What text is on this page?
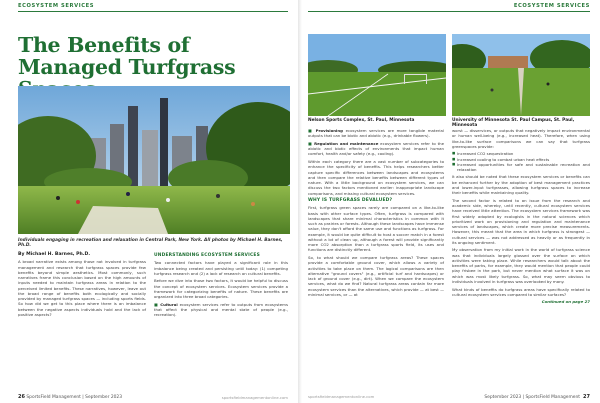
ECOSYSTEM SERVICES
The Benefits of Managed Turfgrass
Individuals engaging in recreation and relaxation in Central Park, New York. All photos by Michael H. Barnes, Ph.D.
By Michael H. Barnes, Ph.D.

A broad narrative exists among those not involved in turfgrass management and research that turfgrass spaces provide few benefits beyond simple aesthetics. Most commonly, such narratives frame this conclusion based on the high amounts of inputs needed to maintain turfgrass areas in relation to the perceived limited benefits. These narratives, however, leave out the broad range of benefits both ecologically and socially provided by managed turfgrass spaces — including sports fields. So how did we get to this place where there is an imbalance between the negative aspects individuals hold and the lack of positive aspects?

UNDERSTANDING ECOSYSTEM SERVICES

Two connected factors have played a significant role in this imbalance being created and persisting until today: (1) competing turfgrass research and (2) a lack of research on cultural benefits.

Before we dive into those two factors, it would be helpful to discuss the concept of ecosystem services. Ecosystem services provide a framework for categorizing benefits of nature. These benefits are organized into three broad categories.

■ Cultural ecosystem services refer to outputs from ecosystems that affect the physical and mental state of people (e.g., recreation).

26 SportsField Management | September 2023	sportsfieldmanagementonline.com
ECOSYSTEM SERVICES
Nelson Sports Complex, St. Paul, Minnesota	University of Minnesota St. Paul Campus, St. Paul, Minnesota

■ Provisioning ecosystem services are more tangible material outputs that can be biotic and abiotic (e.g., drinkable flowers).

■ Regulation and maintenance ecosystem services refer to the abiotic and biotic effects of environments that impact human comfort, health and/or safety (e.g., cooling).

Within each category there are a vast number of subcategories to enhance the specificity of benefits. This helps researchers better capture specific differences between landscapes and ecosystems and then compare the relative benefits between different types of nature. With a little background on ecosystem services, we can discuss the two factors mentioned earlier: inappropriate landscape comparisons, and missing cultural ecosystem services.

WHY IS TURFGRASS DEVALUED?

First, turfgrass green spaces rarely are compared on a like-to-like basis with other surface types. Often, turfgrass is compared with landscapes that share minimal characteristics in common with it such as prairies or forests. Although these landscapes have immense value, they don't afford the same use and functions as turfgrass. For example, it would be quite difficult to host a soccer match in a forest without a lot of clean up, although a forest will provide significantly more CO2 absorption than a turfgrass sports field, its uses and functions are distinctly different.

So, to what should we compare turfgrass areas? These spaces provide a comfortable ground cover, which allows a variety of activities to take place on them. The logical comparisons are then alternative "ground covers" (e.g., artificial turf and hardscapes) or lack of ground cover (e.g., dirt). When we compare the ecosystem services, what do we find? Natural turfgrass areas contain far more ecosystem services than the alternatives, which provide — at best — minimal services, or — at

worst — disservices, or outputs that negatively impact environmental or human well-being (e.g., increased heat). Therefore, when using like-to-like surface comparisons we can say that turfgrass greenspaces provide:

■ Increased CO2 sequestration
■ Increased cooling to combat urban heat effects
■ Increased opportunities for safe and sustainable recreation and relaxation

It also should be noted that these ecosystem services or benefits can be enhanced further by the adoption of best management practices and lower-input turfgrasses, allowing turfgrass spaces to increase their benefits while maintaining quality.

The second factor is related to an issue from the research and academic side, whereby, until recently, cultural ecosystem services have received little attention. The ecosystem services framework was first widely adopted by ecologists in the natural sciences which prioritized work on provisioning and regulation and maintenance services of landscapes, which create more precise measurements. However, this meant that the area in which turfgrass is strongest — cultural services — was not addressed as heavily or as frequently in its ongoing sentiment.

My observation from my initial work in the world of turfgrass science was that individuals largely glossed over the surface on which activities were taking place. While researchers would talk about the benefits of parks, for example, they would mention that people could play frisbee in the park, but never mention what surface it was on which was most likely turfgrass. So, what may seem obvious to individuals involved in turfgrass was overlooked by many.

What kinds of benefits do turfgrass areas have specifically related to cultural ecosystem services compared to similar surfaces?

Continued on page 27
sportsfieldmanagementonline.com	September 2023 | SportsField Management 27
